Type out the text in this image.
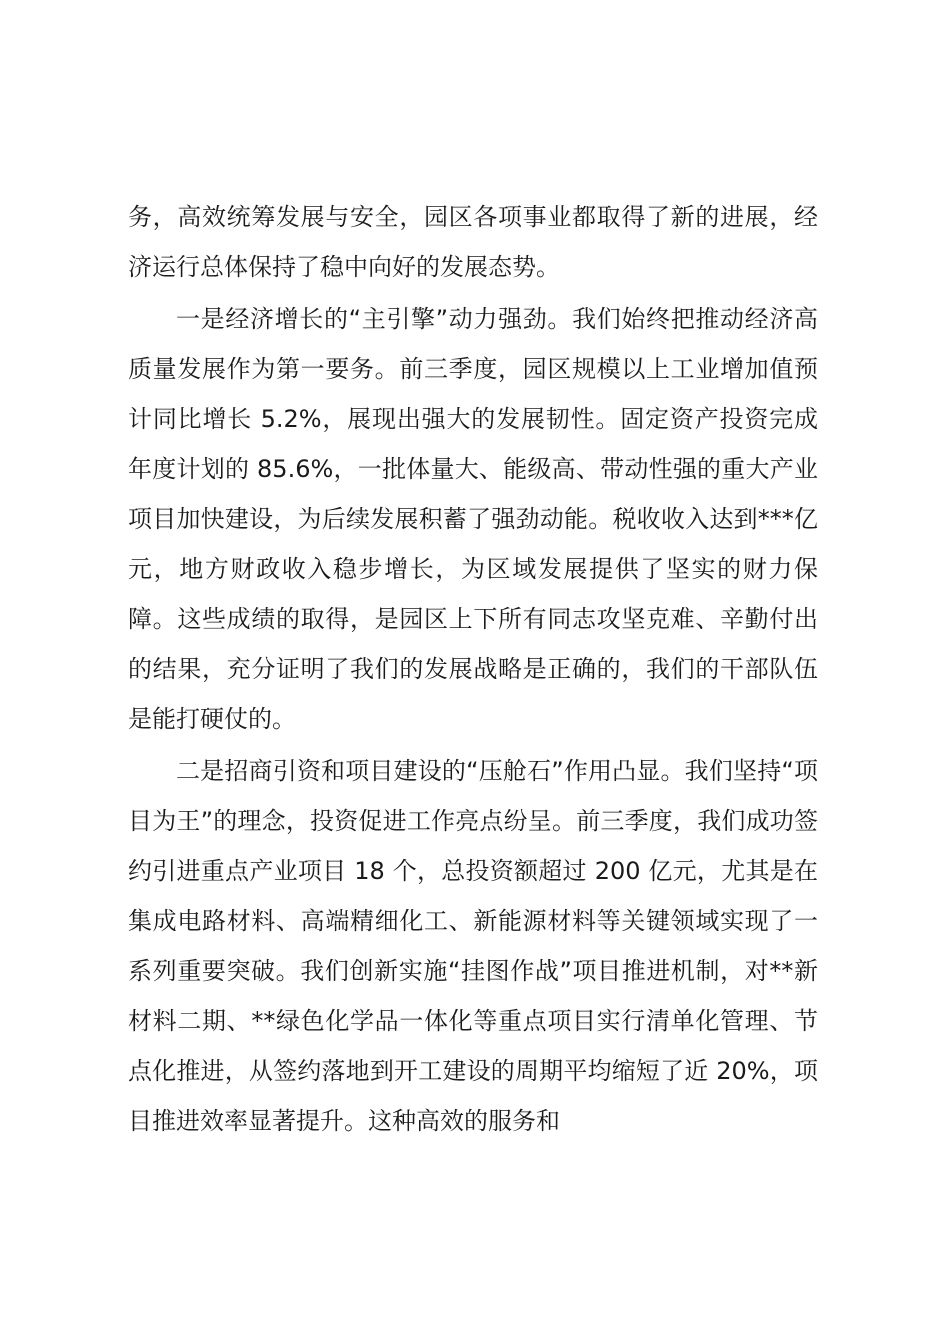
务，高效统筹发展与安全，园区各项事业都取得了新的进展，经济运行总体保持了稳中向好的发展态势。

一是经济增长的“主引擎”动力强劲。我们始终把推动经济高质量发展作为第一要务。前三季度，园区规模以上工业增加值预计同比增长 5.2%，展现出强大的发展韧性。固定资产投资完成年度计划的 85.6%，一批体量大、能级高、带动性强的重大产业项目加快建设，为后续发展积蓄了强劲动能。税收收入达到***亿元，地方财政收入稳步增长，为区域发展提供了坚实的财力保障。这些成绩的取得，是园区上下所有同志攻坚克难、辛勤付出的结果，充分证明了我们的发展战略是正确的，我们的干部队伍是能打硬仗的。

二是招商引资和项目建设的“压舱石”作用凸显。我们坚持“项目为王”的理念，投资促进工作亮点纷呈。前三季度，我们成功签约引进重点产业项目 18 个，总投资额超过 200 亿元，尤其是在集成电路材料、高端精细化工、新能源材料等关键领域实现了一系列重要突破。我们创新实施“挂图作战”项目推进机制，对**新材料二期、**绿色化学品一体化等重点项目实行清单化管理、节点化推进，从签约落地到开工建设的周期平均缩短了近 20%，项目推进效率显著提升。这种高效的服务和
